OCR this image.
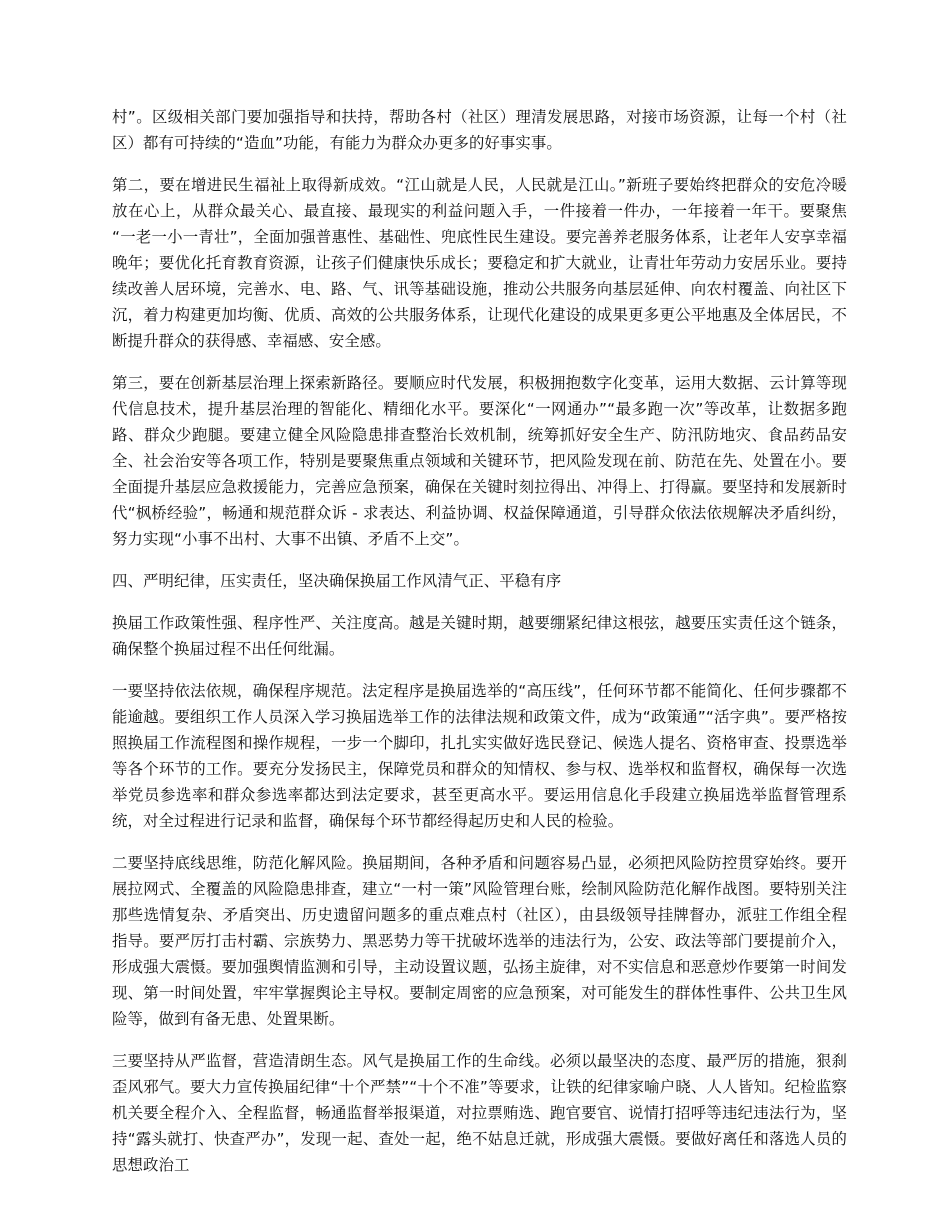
村”。区级相关部门要加强指导和扶持，帮助各村（社区）理清发展思路，对接市场资源，让每一个村（社区）都有可持续的“造血”功能，有能力为群众办更多的好事实事。

第二，要在增进民生福祉上取得新成效。“江山就是人民，人民就是江山。”新班子要始终把群众的安危冷暖放在心上，从群众最关心、最直接、最现实的利益问题入手，一件接着一件办，一年接着一年干。要聚焦“一老一小一青壮”，全面加强普惠性、基础性、兜底性民生建设。要完善养老服务体系，让老年人安享幸福晚年；要优化托育教育资源，让孩子们健康快乐成长；要稳定和扩大就业，让青壮年劳动力安居乐业。要持续改善人居环境，完善水、电、路、气、讯等基础设施，推动公共服务向基层延伸、向农村覆盖、向社区下沉，着力构建更加均衡、优质、高效的公共服务体系，让现代化建设的成果更多更公平地惠及全体居民，不断提升群众的获得感、幸福感、安全感。

第三，要在创新基层治理上探索新路径。要顺应时代发展，积极拥抱数字化变革，运用大数据、云计算等现代信息技术，提升基层治理的智能化、精细化水平。要深化“一网通办”“最多跑一次”等改革，让数据多跑路、群众少跑腿。要建立健全风险隐患排查整治长效机制，统筹抓好安全生产、防汛防地灾、食品药品安全、社会治安等各项工作，特别是要聚焦重点领域和关键环节，把风险发现在前、防范在先、处置在小。要全面提升基层应急救援能力，完善应急预案，确保在关键时刻拉得出、冲得上、打得赢。要坚持和发展新时代“枫桥经验”，畅通和规范群众诉 - 求表达、利益协调、权益保障通道，引导群众依法依规解决矛盾纠纷，努力实现“小事不出村、大事不出镇、矛盾不上交”。

四、严明纪律，压实责任，坚决确保换届工作风清气正、平稳有序

换届工作政策性强、程序性严、关注度高。越是关键时期，越要绷紧纪律这根弦，越要压实责任这个链条，确保整个换届过程不出任何纰漏。

一要坚持依法依规，确保程序规范。法定程序是换届选举的“高压线”，任何环节都不能简化、任何步骤都不能逾越。要组织工作人员深入学习换届选举工作的法律法规和政策文件，成为“政策通”“活字典”。要严格按照换届工作流程图和操作规程，一步一个脚印，扎扎实实做好选民登记、候选人提名、资格审查、投票选举等各个环节的工作。要充分发扬民主，保障党员和群众的知情权、参与权、选举权和监督权，确保每一次选举党员参选率和群众参选率都达到法定要求，甚至更高水平。要运用信息化手段建立换届选举监督管理系统，对全过程进行记录和监督，确保每个环节都经得起历史和人民的检验。

二要坚持底线思维，防范化解风险。换届期间，各种矛盾和问题容易凸显，必须把风险防控贯穿始终。要开展拉网式、全覆盖的风险隐患排查，建立“一村一策”风险管理台账，绘制风险防范化解作战图。要特别关注那些选情复杂、矛盾突出、历史遗留问题多的重点难点村（社区），由县级领导挂牌督办，派驻工作组全程指导。要严厉打击村霸、宗族势力、黑恶势力等干扰破坏选举的违法行为，公安、政法等部门要提前介入，形成强大震慑。要加强舆情监测和引导，主动设置议题，弘扬主旋律，对不实信息和恶意炒作要第一时间发现、第一时间处置，牢牢掌握舆论主导权。要制定周密的应急预案，对可能发生的群体性事件、公共卫生风险等，做到有备无患、处置果断。

三要坚持从严监督，营造清朗生态。风气是换届工作的生命线。必须以最坚决的态度、最严厉的措施，狠刹歪风邪气。要大力宣传换届纪律“十个严禁”“十个不准”等要求，让铁的纪律家喻户晓、人人皆知。纪检监察机关要全程介入、全程监督，畅通监督举报渠道，对拉票贿选、跑官要官、说情打招呼等违纪违法行为，坚持“露头就打、快查严办”，发现一起、查处一起，绝不姑息迁就，形成强大震慑。要做好离任和落选人员的思想政治工
